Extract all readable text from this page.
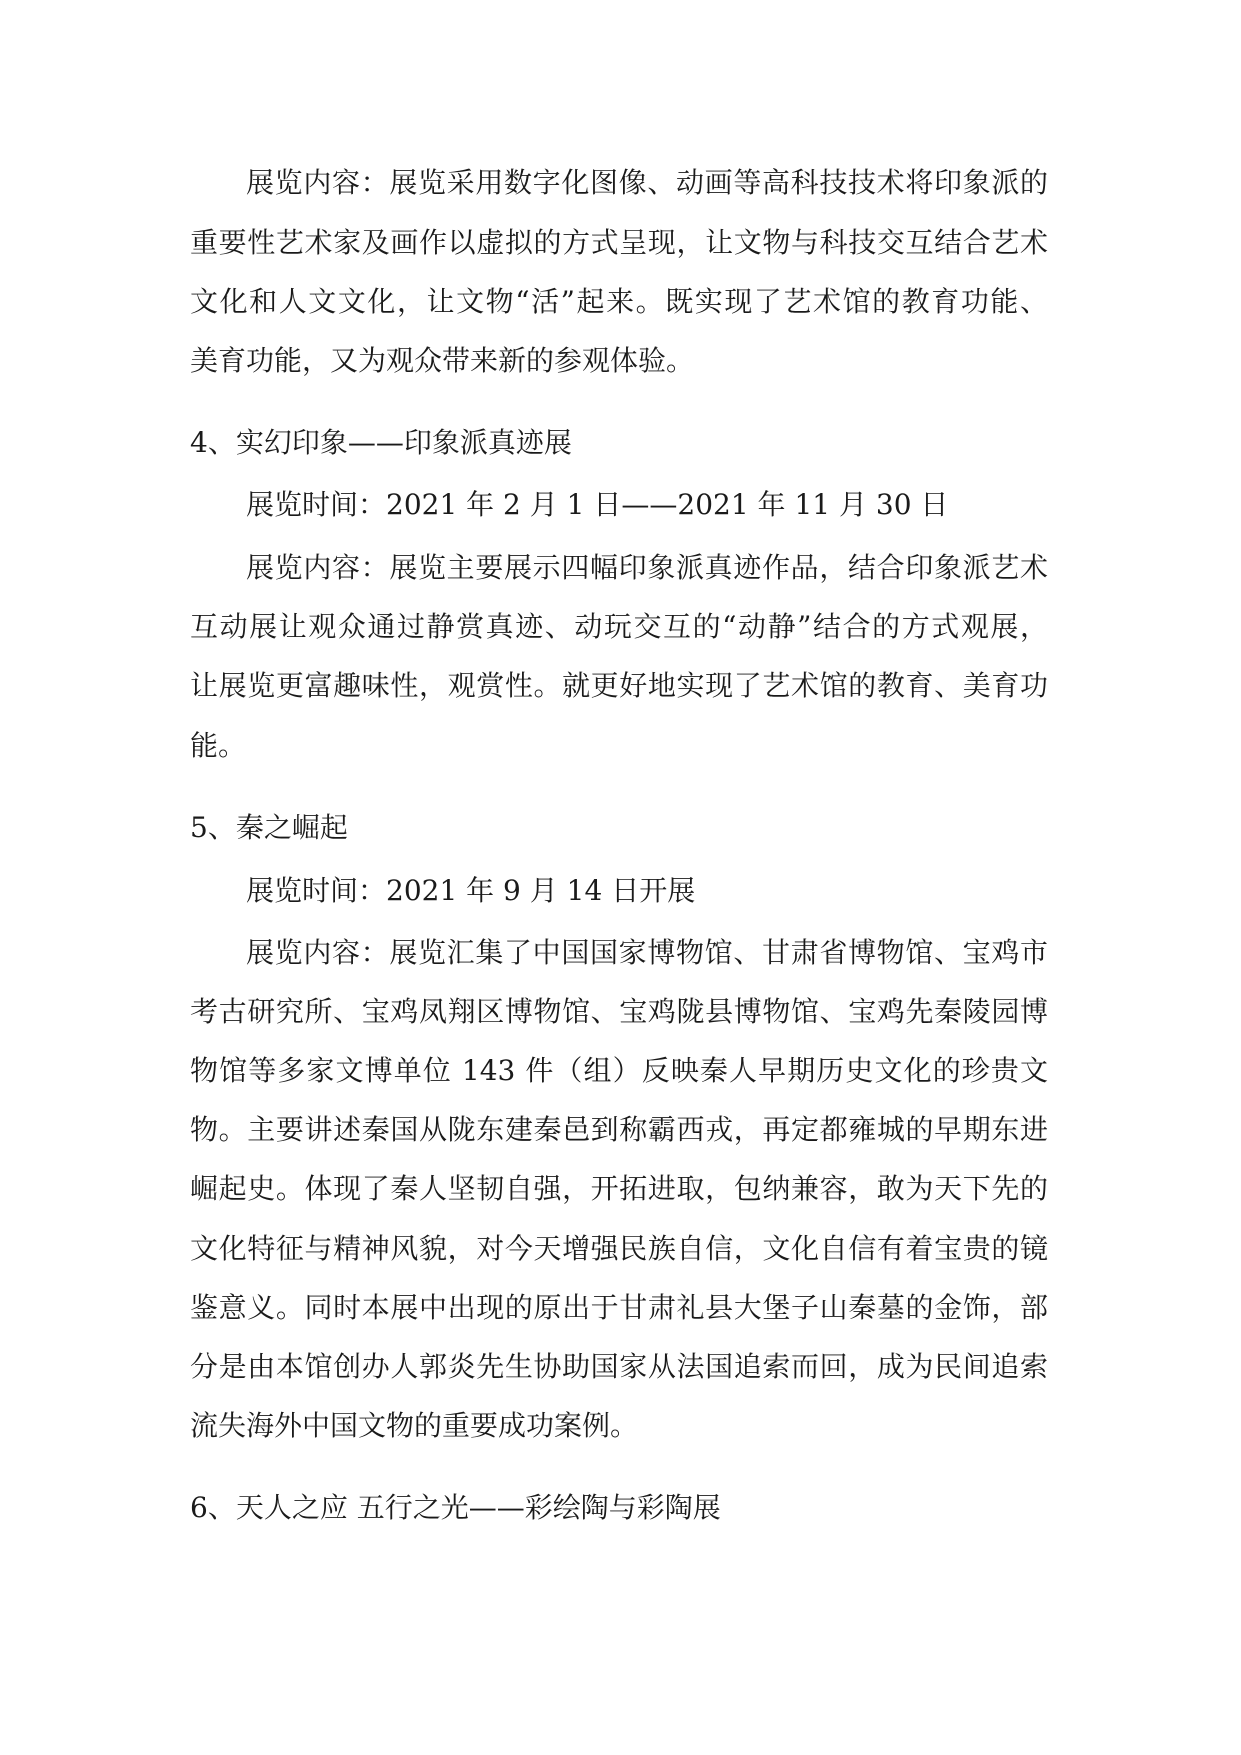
展览内容：展览采用数字化图像、动画等高科技技术将印象派的
重要性艺术家及画作以虚拟的方式呈现，让文物与科技交互结合艺术
文化和人文文化，让文物“活”起来。既实现了艺术馆的教育功能、
美育功能，又为观众带来新的参观体验。
4、实幻印象——印象派真迹展
展览时间：2021 年 2 月 1 日——2021 年 11 月 30 日
展览内容：展览主要展示四幅印象派真迹作品，结合印象派艺术
互动展让观众通过静赏真迹、动玩交互的“动静”结合的方式观展，
让展览更富趣味性，观赏性。就更好地实现了艺术馆的教育、美育功
能。
5、秦之崛起
展览时间：2021 年 9 月 14 日开展
展览内容：展览汇集了中国国家博物馆、甘肃省博物馆、宝鸡市
考古研究所、宝鸡凤翔区博物馆、宝鸡陇县博物馆、宝鸡先秦陵园博
物馆等多家文博单位 143 件（组）反映秦人早期历史文化的珍贵文
物。主要讲述秦国从陇东建秦邑到称霸西戎，再定都雍城的早期东进
崛起史。体现了秦人坚韧自强，开拓进取，包纳兼容，敢为天下先的
文化特征与精神风貌，对今天增强民族自信，文化自信有着宝贵的镜
鉴意义。同时本展中出现的原出于甘肃礼县大堡子山秦墓的金饰，部
分是由本馆创办人郭炎先生协助国家从法国追索而回，成为民间追索
流失海外中国文物的重要成功案例。
6、天人之应 五行之光——彩绘陶与彩陶展
